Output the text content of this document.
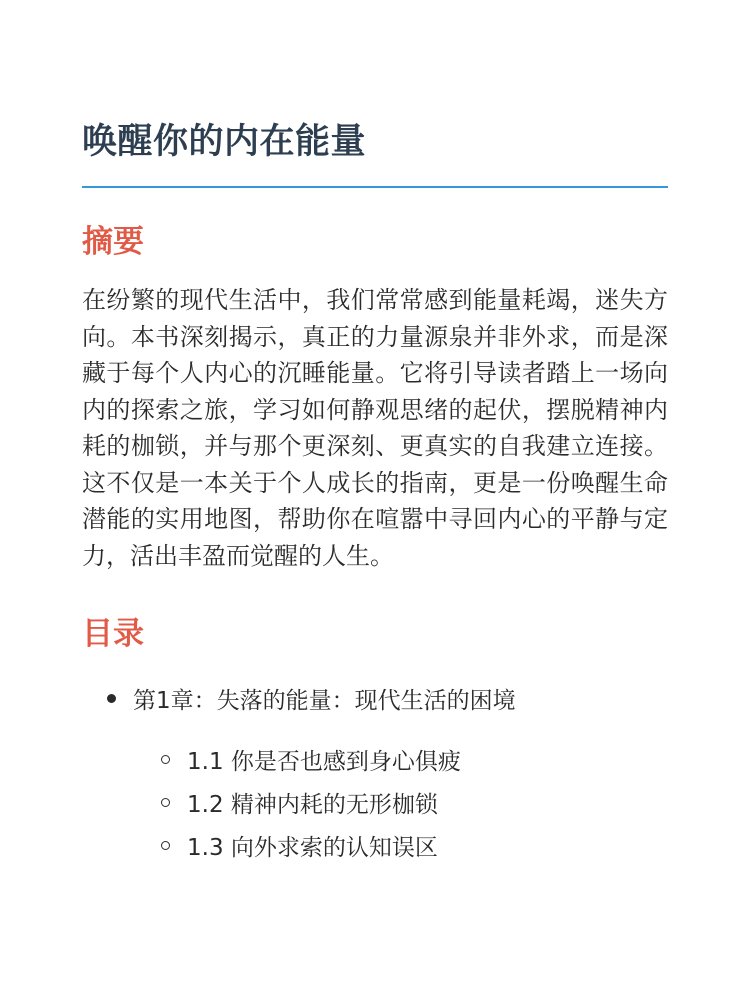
唤醒你的内在能量
摘要

在纷繁的现代生活中，我们常常感到能量耗竭，迷失方向。本书深刻揭示，真正的力量源泉并非外求，而是深藏于每个人内心的沉睡能量。它将引导读者踏上一场向内的探索之旅，学习如何静观思绪的起伏，摆脱精神内耗的枷锁，并与那个更深刻、更真实的自我建立连接。这不仅是一本关于个人成长的指南，更是一份唤醒生命潜能的实用地图，帮助你在喧嚣中寻回内心的平静与定力，活出丰盈而觉醒的人生。

目录
第1章：失落的能量：现代生活的困境
1.1 你是否也感到身心俱疲
1.2 精神内耗的无形枷锁
1.3 向外求索的认知误区
